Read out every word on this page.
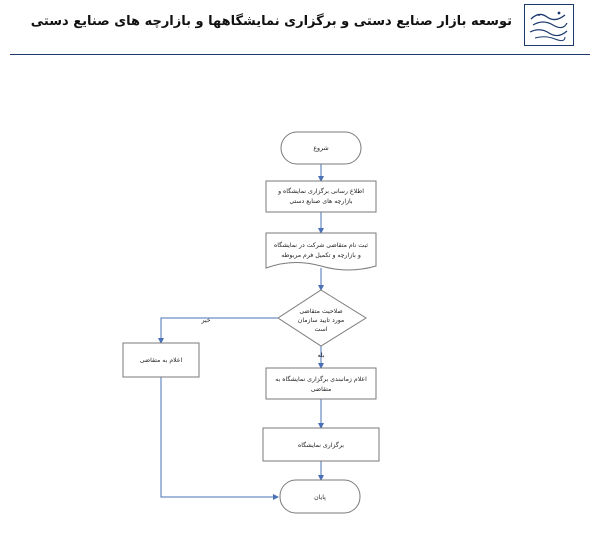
توسعه بازار صنایع دستی و برگزاری نمایشگاهها و بازارچه های صنایع دستی
شروع
اطلاع رسانی برگزاری نمایشگاه و
بازارچه های صنایع دستی
ثبت نام متقاضی شرکت در نمایشگاه
و بازارچه و تکمیل فرم مربوطه
صلاحیت متقاضی
مورد تایید سازمان
است
خیر
بله
اعلام به متقاضی
اعلام زمانبندی برگزاری نمایشگاه به
متقاضی
برگزاری نمایشگاه
پایان
